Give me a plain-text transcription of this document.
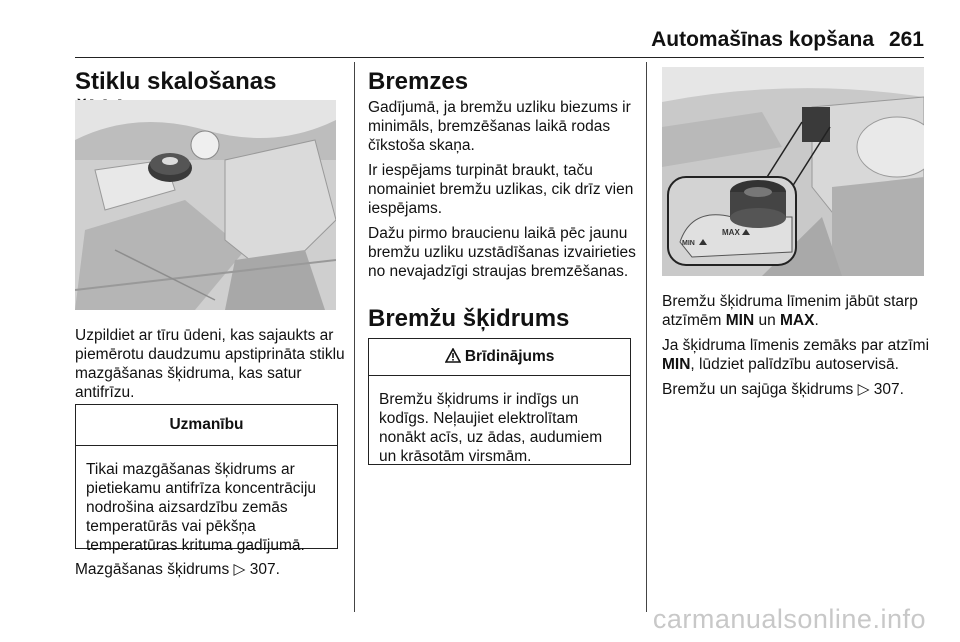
Automašīnas kopšana 261
Stiklu skalošanas

Uzpildiet ar tīru ūdeni, kas sajaukts ar piemērotu daudzumu apstiprināta stiklu mazgāšanas šķidruma, kas satur antifrīzu.

Uzmanību
Tikai mazgāšanas šķidrums ar pietiekamu antifrīza koncentrāciju nodrošina aizsardzību zemās temperatūrās vai pēkšņa temperatūras krituma gadījumā.
Mazgāšanas šķidrums ▷ 307.
Bremzes

Gadījumā, ja bremžu uzliku biezums ir minimāls, bremzēšanas laikā rodas čīkstoša skaņa.

Ir iespējams turpināt braukt, taču nomainiet bremžu uzlikas, cik drīz vien iespējams.

Dažu pirmo braucienu laikā pēc jaunu bremžu uzliku uzstādīšanas izvairieties no nevajadzīgi straujas bremzēšanas.

Bremžu šķidrums
Brīdinājums
Bremžu šķidrums ir indīgs un kodīgs. Neļaujiet elektrolītam nonākt acīs, uz ādas, audumiem un krāsotām virsmām.
MAX
MIN

Bremžu šķidruma līmenim jābūt starp atzīmēm MIN un MAX.

Ja šķidruma līmenis zemāks par atzīmi MIN, lūdziet palīdzību autoservisā.

Bremžu un sajūga šķidrums ▷ 307.

carmanualsonline.info
